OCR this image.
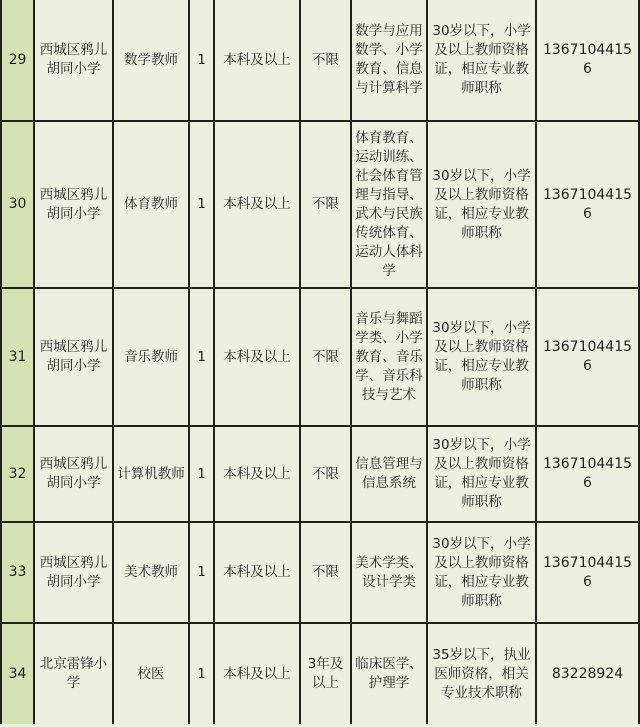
29	西城区鸦儿胡同小学	数学教师	1	本科及以上	不限	数学与应用数学、小学教育、信息与计算科学	30岁以下，小学及以上教师资格证，相应专业教师职称	13671044156
30	西城区鸦儿胡同小学	体育教师	1	本科及以上	不限	体育教育、运动训练、社会体育管理与指导、武术与民族传统体育、运动人体科学	30岁以下，小学及以上教师资格证，相应专业教师职称	13671044156
31	西城区鸦儿胡同小学	音乐教师	1	本科及以上	不限	音乐与舞蹈学类、小学教育、音乐学、音乐科技与艺术	30岁以下，小学及以上教师资格证，相应专业教师职称	13671044156
32	西城区鸦儿胡同小学	计算机教师	1	本科及以上	不限	信息管理与信息系统	30岁以下，小学及以上教师资格证，相应专业教师职称	13671044156
33	西城区鸦儿胡同小学	美术教师	1	本科及以上	不限	美术学类、设计学类	30岁以下，小学及以上教师资格证，相应专业教师职称	13671044156
34	北京雷锋小学	校医	1	本科及以上	3年及以上	临床医学、护理学	35岁以下，执业医师资格，相关专业技术职称	83228924
